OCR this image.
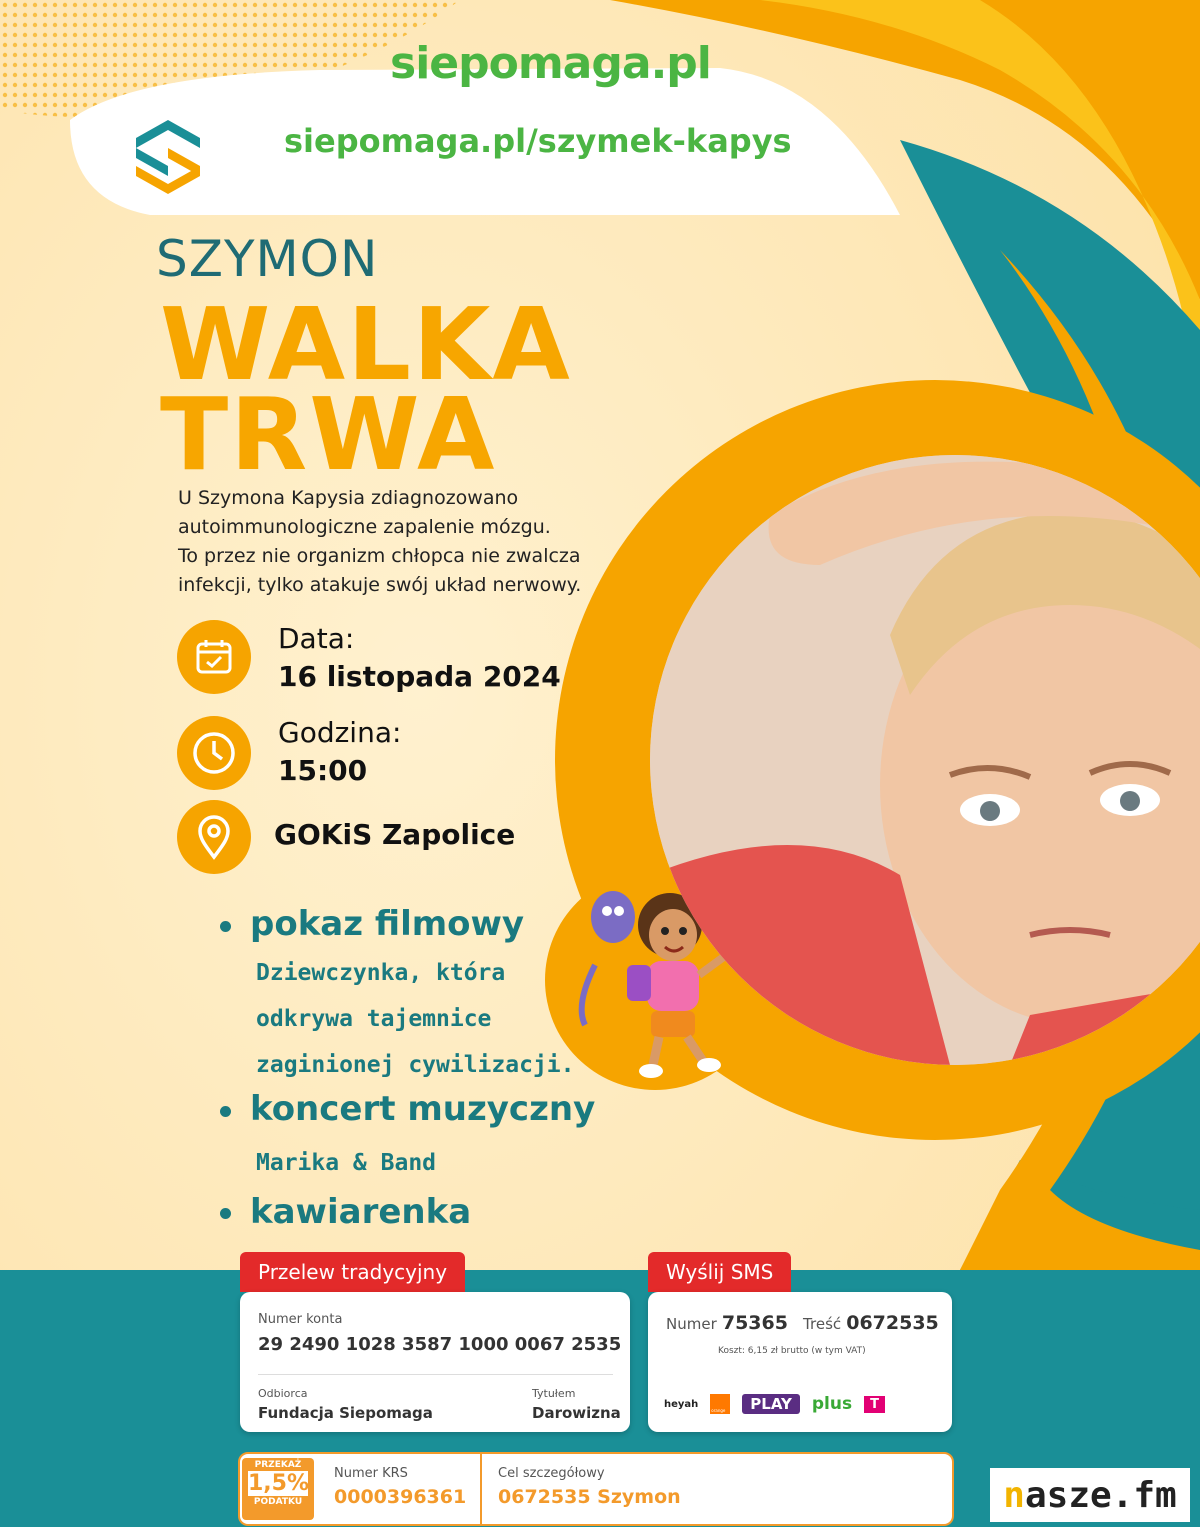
siepomaga.pl
siepomaga.pl/szymek-kapys
SZYMON
WALKA
TRWA
U Szymona Kapysia zdiagnozowano
autoimmunologiczne zapalenie mózgu.
To przez nie organizm chłopca nie zwalcza
infekcji, tylko atakuje swój układ nerwowy.
Data:
16 listopada 2024
Godzina:
15:00
GOKiS Zapolice
pokaz filmowy
Dziewczynka, która
odkrywa tajemnice
zaginionej cywilizacji.
koncert muzyczny
Marika & Band
kawiarenka
Przelew tradycyjny
Numer konta
29 2490 1028 3587 1000 0067 2535
Odbiorca
Fundacja Siepomaga
Tytułem
Darowizna
Wyślij SMS
Numer 75365 Treść 0672535
Koszt: 6,15 zł brutto (w tym VAT)
heyah
orange	PLAY	plus	T
PRZEKAŻ
1,5%
PODATKU
Numer KRS
0000396361
Cel szczegółowy
0672535 Szymon	n asze.fm
